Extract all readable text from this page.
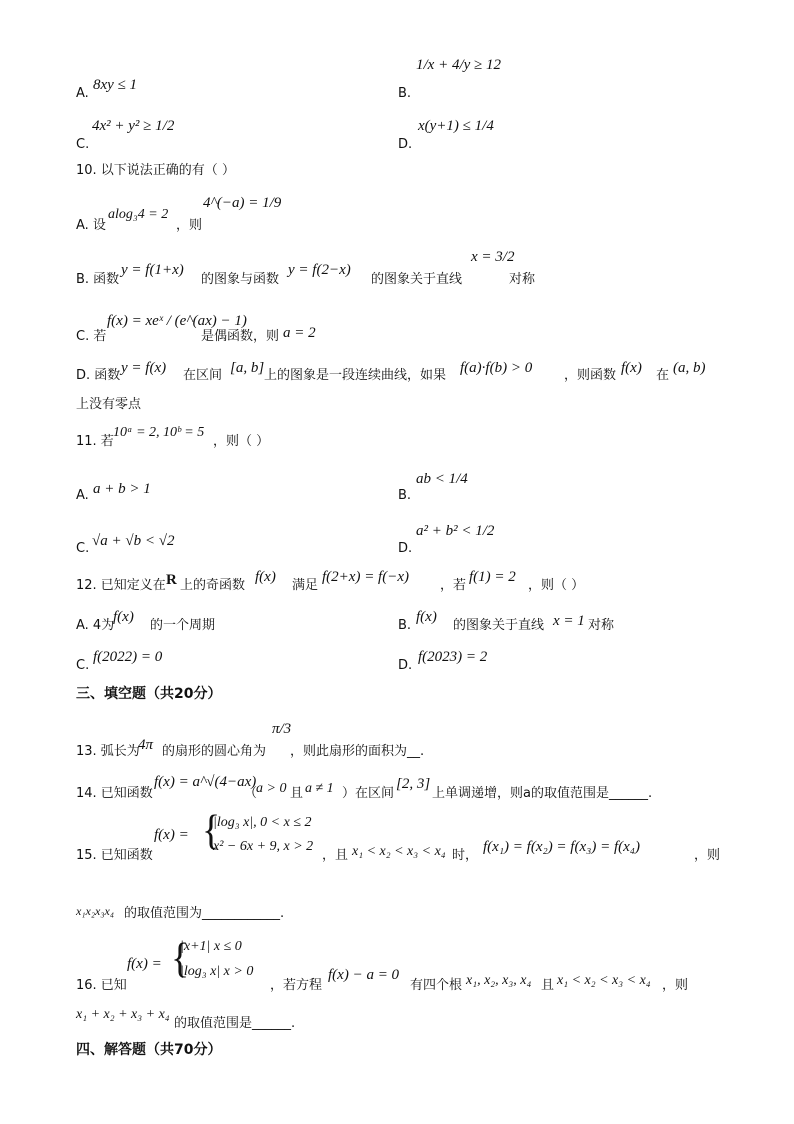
A.
8xy ≤ 1
B.
1/x + 4/y ≥ 12
C.
4x² + y² ≥ 1/2
D.
x(y+1) ≤ 1/4
10. 以下说法正确的有（ ）
A. 设
alog₃4 = 2
，则
4^(−a) = 1/9
B. 函数
y = f(1+x)
的图象与函数
y = f(2−x)
的图象关于直线
x = 3/2
对称
C. 若
f(x) = xeˣ / (e^(ax) − 1)
是偶函数，则 a = 2
D. 函数 y = f(x) 在区间 [a, b] 上的图象是一段连续曲线，如果 f(a)·f(b) > 0 ，则函数 f(x) 在 (a, b)
上没有零点
11. 若
10ᵃ = 2, 10ᵇ = 5
，则（ ）
A. a + b > 1	B.
ab < 1/4
C. √a + √b < √2	D.
a² + b² < 1/2
12. 已知定义在 R 上的奇函数
f(x)
满足
f(2+x) = f(−x)
，若
f(1) = 2
，则（ ）
A. 4为
f(x)
的一个周期	B.
f(x)
的图象关于直线 x = 1 对称
C.
f(2022) = 0
D.
f(2023) = 2
三、填空题（共20分）
13. 弧长为
4π 的扇形的圆心角为
π/3
，则此扇形的面积为__.
14. 已知函数
f(x) = a^√(4−ax)
（
a > 0 且 a ≠ 1 ）在区间
[2, 3]
上单调递增，则a的取值范围是______.
15. 已知函数
f(x) = {
|log₃ x|, 0 < x ≤ 2
x² − 6x + 9, x > 2
，且 x₁ < x₂ < x₃ < x₄ 时，
f(x₁) = f(x₂) = f(x₃) = f(x₄)
，则
x₁x₂x₃x₄ 的取值范围为____________.
16. 已知
f(x) = {
|x+1| x ≤ 0
|log₃ x| x > 0
，若方程
f(x) − a = 0
有四个根 x₁, x₂, x₃, x₄ 且 x₁ < x₂ < x₃ < x₄ ，则
x₁ + x₂ + x₃ + x₄
的取值范围是______.
四、解答题（共70分）
